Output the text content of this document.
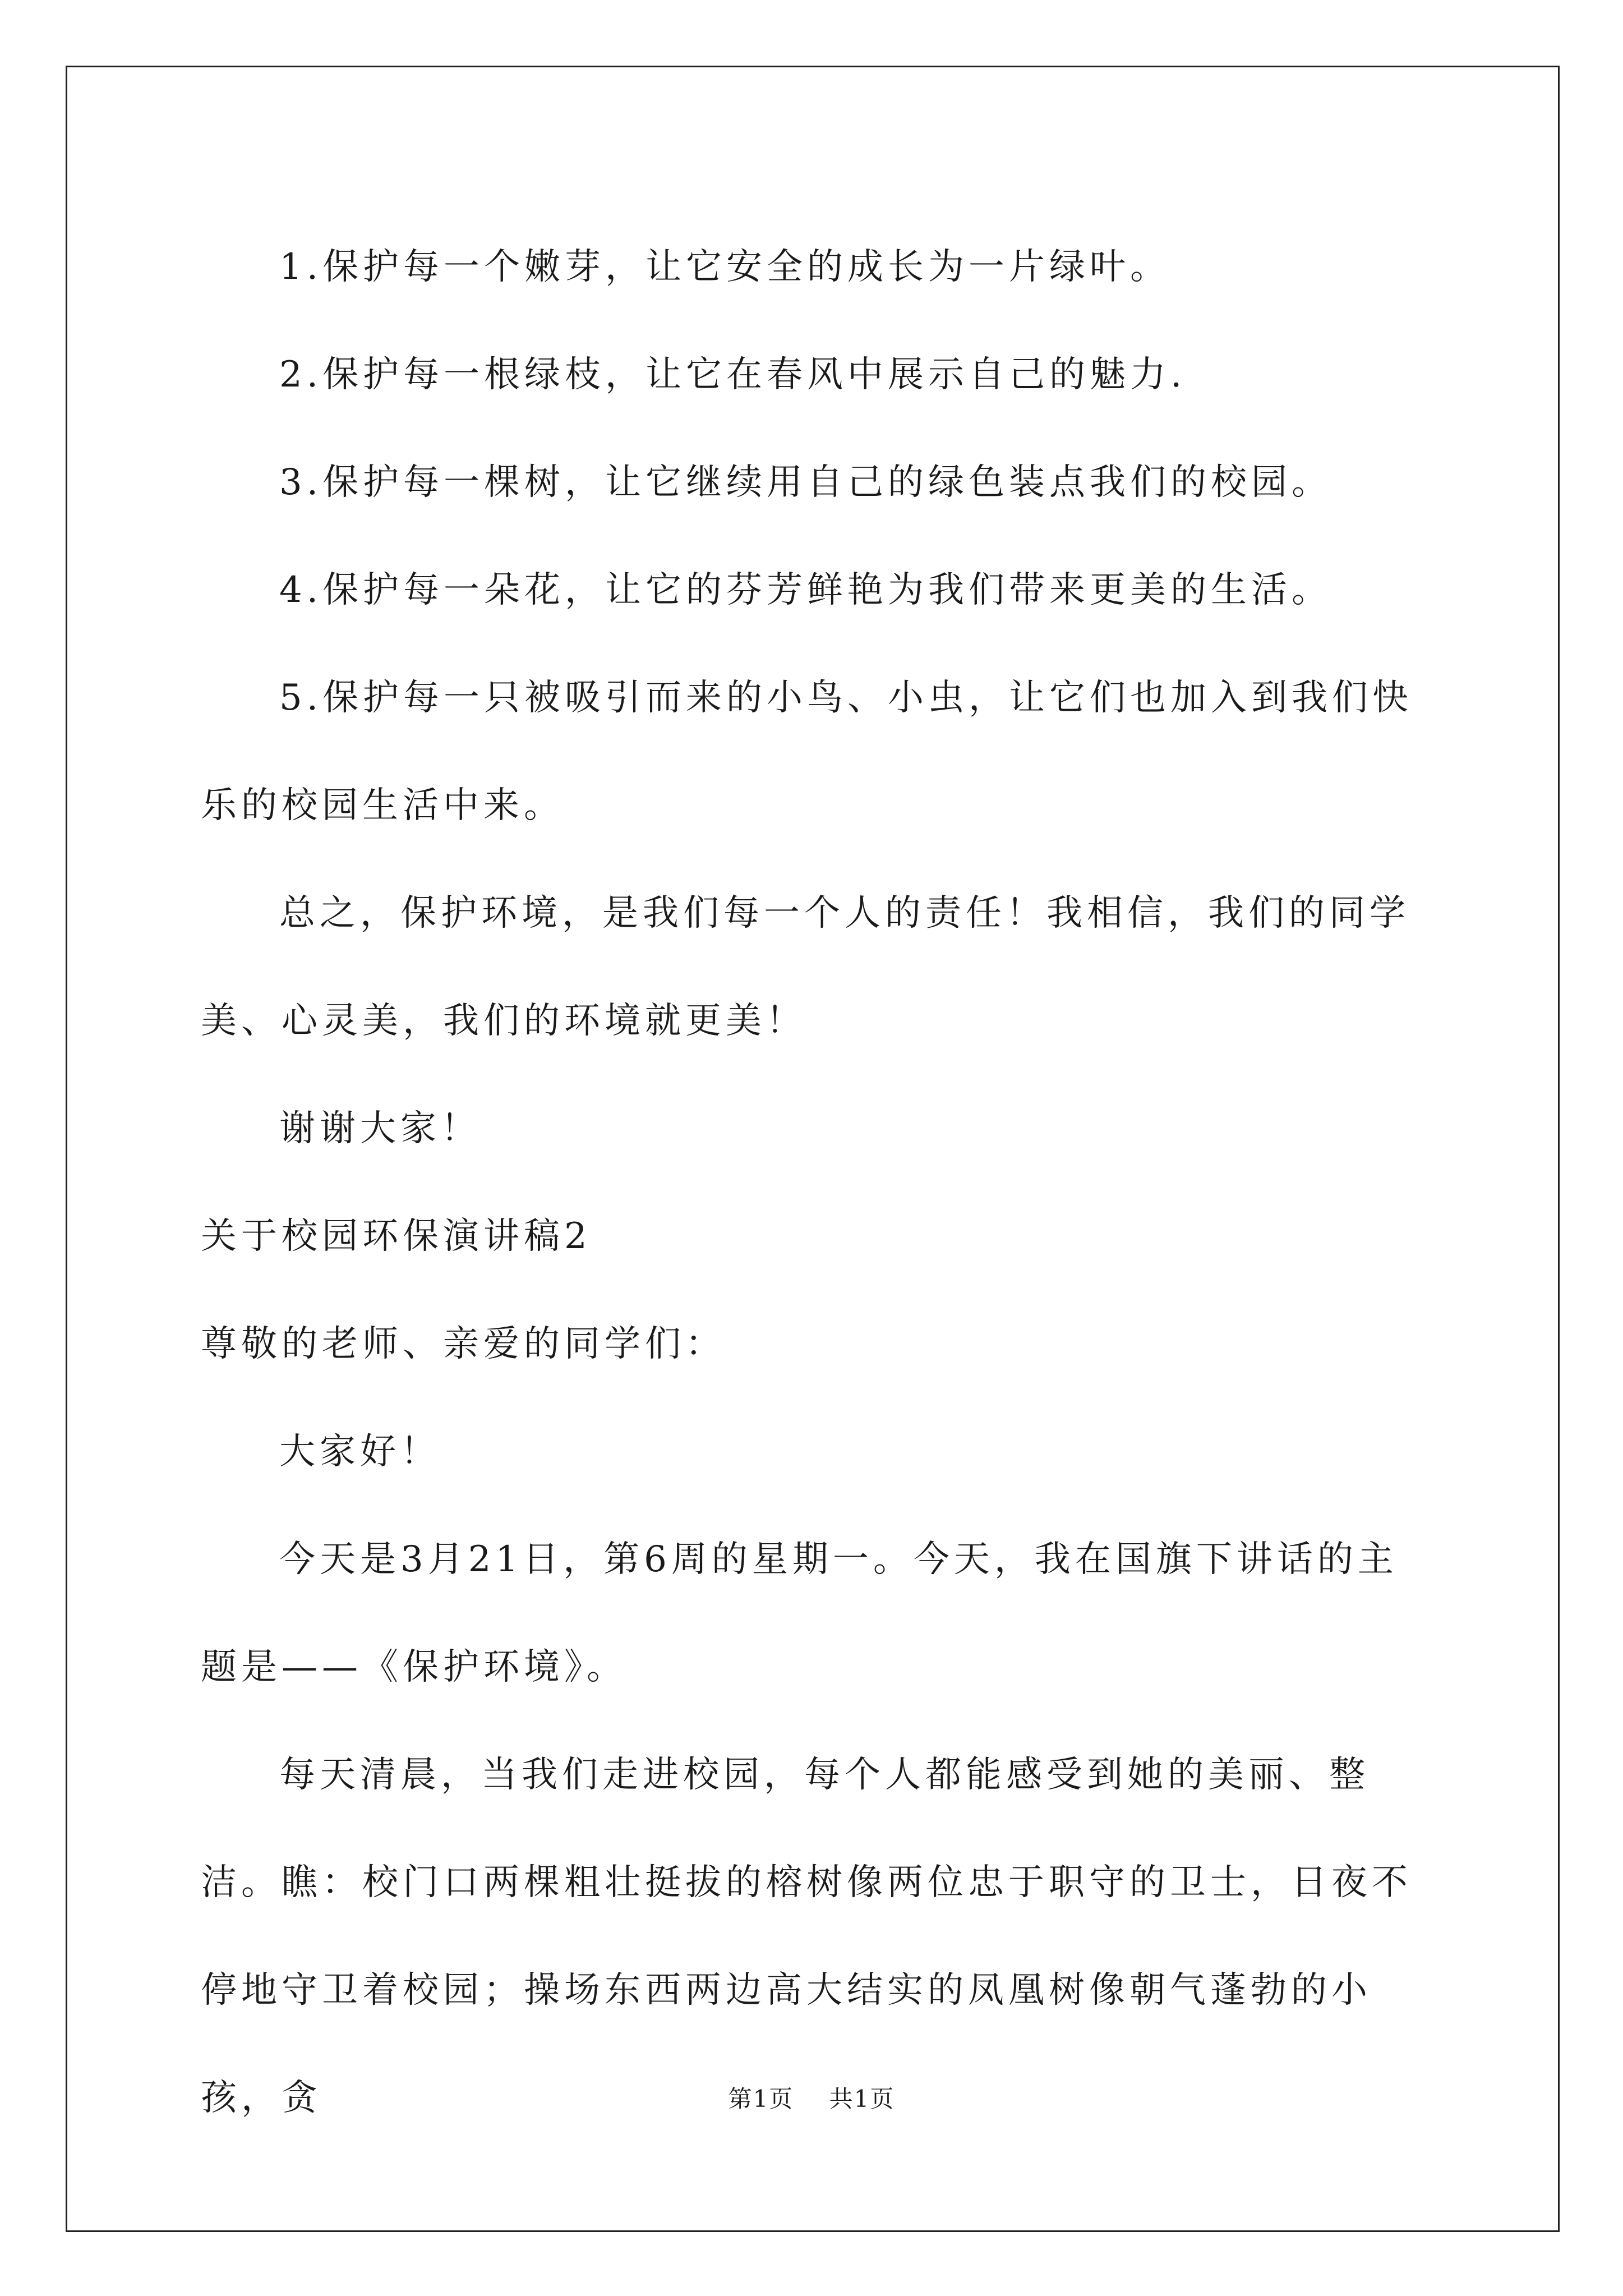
1.保护每一个嫩芽，让它安全的成长为一片绿叶。

2.保护每一根绿枝，让它在春风中展示自己的魅力.

3.保护每一棵树，让它继续用自己的绿色装点我们的校园。

4.保护每一朵花，让它的芬芳鲜艳为我们带来更美的生活。

5.保护每一只被吸引而来的小鸟、小虫，让它们也加入到我们快乐的校园生活中来。

总之，保护环境，是我们每一个人的责任！我相信，我们的同学美、心灵美，我们的环境就更美！

谢谢大家！

关于校园环保演讲稿2

尊敬的老师、亲爱的同学们：

大家好！

今天是3月21日，第6周的星期一。今天，我在国旗下讲话的主题是——《保护环境》。

每天清晨，当我们走进校园，每个人都能感受到她的美丽、整洁。瞧：校门口两棵粗壮挺拔的榕树像两位忠于职守的卫士，日夜不停地守卫着校园；操场东西两边高大结实的凤凰树像朝气蓬勃的小孩，贪	第1页 共1页
